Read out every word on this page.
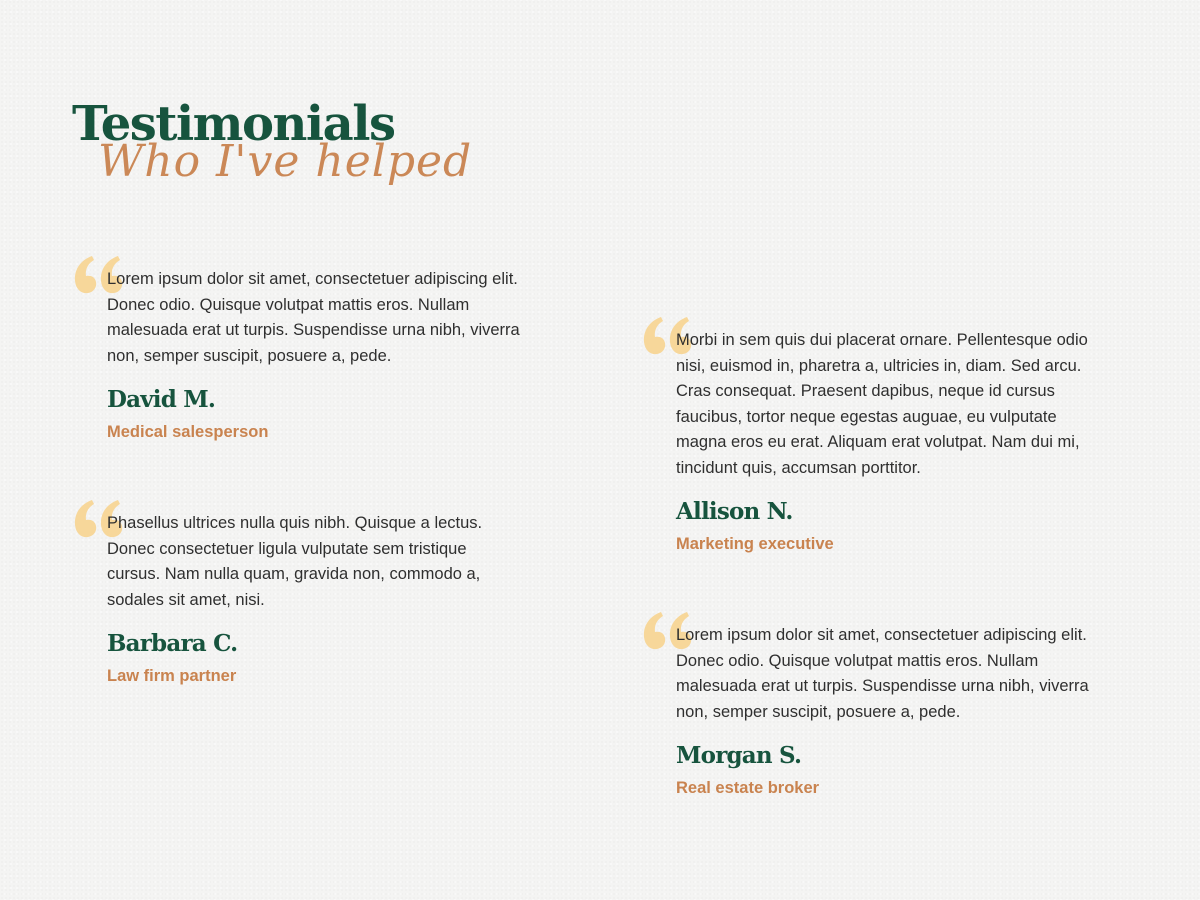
Testimonials
Who I've helped

Lorem ipsum dolor sit amet, consectetuer adipiscing elit. Donec odio. Quisque volutpat mattis eros. Nullam malesuada erat ut turpis. Suspendisse urna nibh, viverra non, semper suscipit, posuere a, pede.

David M.
Medical salesperson

Phasellus ultrices nulla quis nibh. Quisque a lectus. Donec consectetuer ligula vulputate sem tristique cursus. Nam nulla quam, gravida non, commodo a, sodales sit amet, nisi.

Barbara C.
Law firm partner

Morbi in sem quis dui placerat ornare. Pellentesque odio nisi, euismod in, pharetra a, ultricies in, diam. Sed arcu. Cras consequat. Praesent dapibus, neque id cursus faucibus, tortor neque egestas auguae, eu vulputate magna eros eu erat. Aliquam erat volutpat. Nam dui mi, tincidunt quis, accumsan porttitor.

Allison N.
Marketing executive

Lorem ipsum dolor sit amet, consectetuer adipiscing elit. Donec odio. Quisque volutpat mattis eros. Nullam malesuada erat ut turpis. Suspendisse urna nibh, viverra non, semper suscipit, posuere a, pede.

Morgan S.
Real estate broker
